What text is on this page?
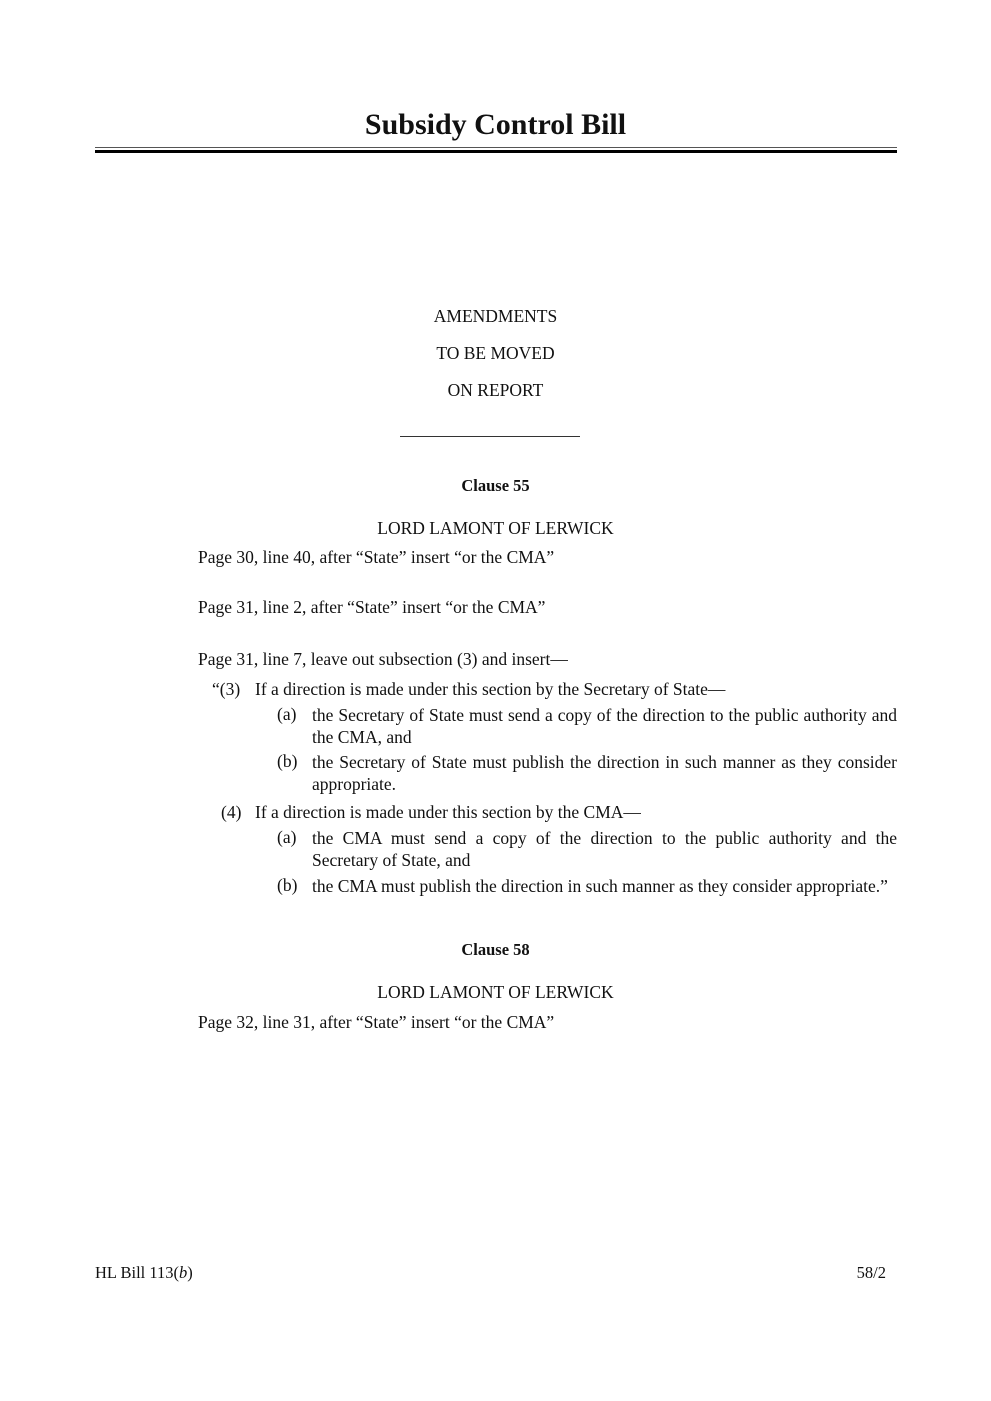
Subsidy Control Bill
AMENDMENTS
TO BE MOVED
ON REPORT
Clause 55
LORD LAMONT OF LERWICK
Page 30, line 40, after “State” insert “or the CMA”
Page 31, line 2, after “State” insert “or the CMA”
Page 31, line 7, leave out subsection (3) and insert—
“(3) If a direction is made under this section by the Secretary of State—
(a) the Secretary of State must send a copy of the direction to the public authority and the CMA, and
(b) the Secretary of State must publish the direction in such manner as they consider appropriate.
(4) If a direction is made under this section by the CMA—
(a) the CMA must send a copy of the direction to the public authority and the Secretary of State, and
(b) the CMA must publish the direction in such manner as they consider appropriate.”
Clause 58
LORD LAMONT OF LERWICK
Page 32, line 31, after “State” insert “or the CMA”
HL Bill 113(b)	58/2
